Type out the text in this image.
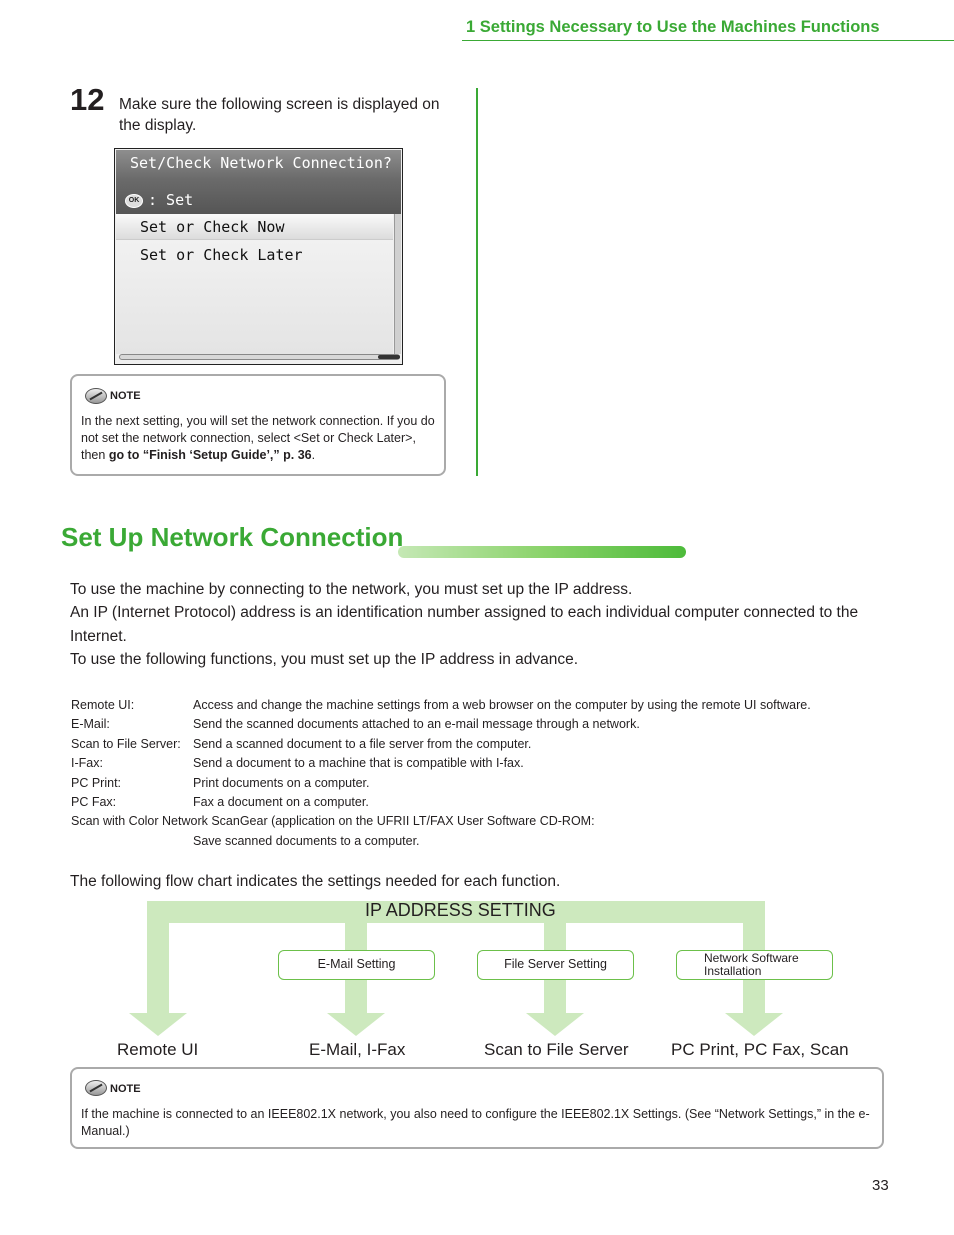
1 Settings Necessary to Use the Machines Functions
12 Make sure the following screen is displayed on the display.
Set/Check Network Connection?
OK : Set
Set or Check Now
Set or Check Later
NOTE
In the next setting, you will set the network connection. If you do not set the network connection, select <Set or Check Later>, then go to “Finish ‘Setup Guide’,” p. 36.
Set Up Network Connection

To use the machine by connecting to the network, you must set up the IP address.

An IP (Internet Protocol) address is an identification number assigned to each individual computer connected to the Internet.

To use the following functions, you must set up the IP address in advance.

Remote UI:	Access and change the machine settings from a web browser on the computer by using the remote UI software.
E-Mail:	Send the scanned documents attached to an e-mail message through a network.
Scan to File Server: Send a scanned document to a file server from the computer.
I-Fax:	Send a document to a machine that is compatible with I-fax.
PC Print:	Print documents on a computer.
PC Fax:	Fax a document on a computer.
Scan with Color Network ScanGear (application on the UFRII LT/FAX User Software CD-ROM:
Save scanned documents to a computer.
The following flow chart indicates the settings needed for each function.
IP ADDRESS SETTING
E-Mail Setting	File Server Setting	Network Software Installation
Remote UI	E-Mail, I-Fax	Scan to File Server PC Print, PC Fax, Scan
NOTE
If the machine is connected to an IEEE802.1X network, you also need to configure the IEEE802.1X Settings. (See “Network Settings,” in the e-Manual.)
33
